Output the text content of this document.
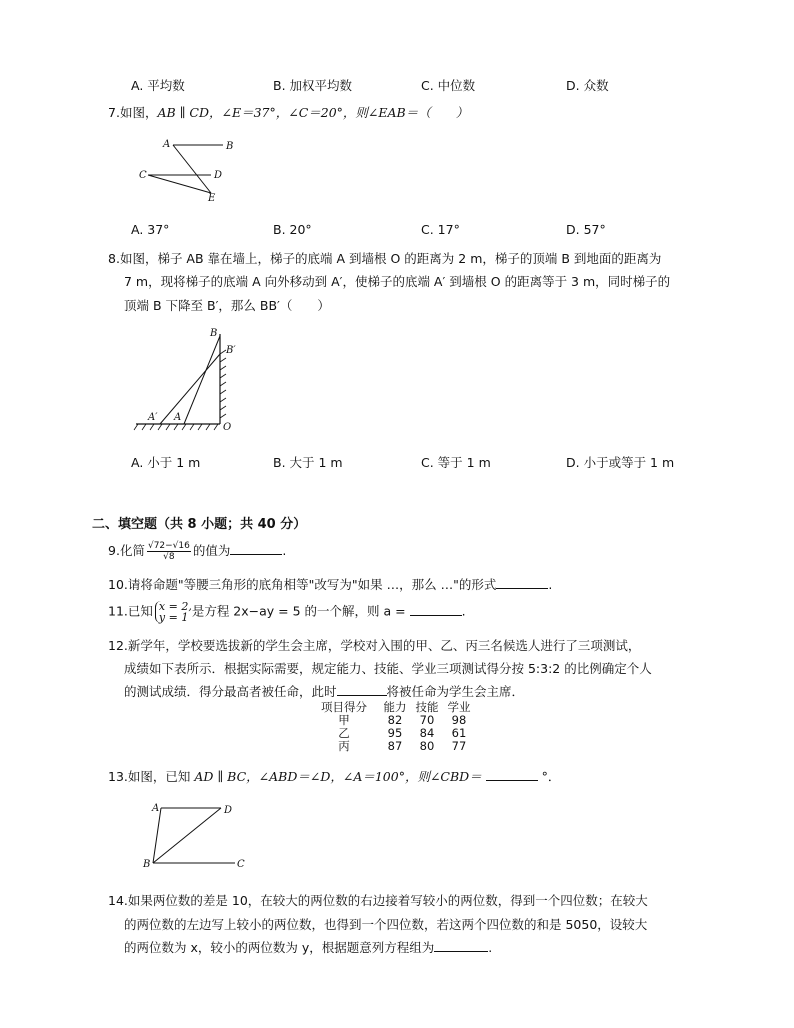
A. 平均数	B. 加权平均数	C. 中位数	D. 众数
7.如图，AB ∥ CD，∠E＝37°，∠C＝20°，则∠EAB＝（　　）
A	B
C	D
E
A. 37°	B. 20°	C. 17°	D. 57°
8.如图，梯子 AB 靠在墙上，梯子的底端 A 到墙根 O 的距离为 2 m，梯子的顶端 B 到地面的距离为
7 m，现将梯子的底端 A 向外移动到 A′，使梯子的底端 A′ 到墙根 O 的距离等于 3 m，同时梯子的
顶端 B 下降至 B′，那么 BB′（　　）
B
B′
A′ A
O
A. 小于 1 m	B. 大于 1 m	C. 等于 1 m	D. 小于或等于 1 m
二、填空题（共 8 小题；共 40 分）
9.化简 $\frac{√72-√16}{√8}$ 的值为	.
10.请将命题"等腰三角形的底角相等"改写为"如果 …，那么 …"的形式	.
11.已知 x = 2,
y = 1 是方程 2x−ay = 5 的一个解，则 a =	.
12.新学年，学校要选拔新的学生会主席，学校对入围的甲、乙、丙三名候选人进行了三项测试，
成绩如下表所示．根据实际需要，规定能力、技能、学业三项测试得分按 5:3:2 的比例确定个人
的测试成绩．得分最高者被任命，此时	将被任命为学生会主席．
项目得分	能力 技能 学业
甲	82	70	98
乙	95	84	61
丙	87	80	77
13.如图，已知 AD ∥ BC，∠ABD＝∠D，∠A＝100°，则∠CBD＝	°．
A	D
B	C
14.如果两位数的差是 10，在较大的两位数的右边接着写较小的两位数，得到一个四位数；在较大
的两位数的左边写上较小的两位数，也得到一个四位数，若这两个四位数的和是 5050，设较大
的两位数为 x，较小的两位数为 y，根据题意列方程组为	.
